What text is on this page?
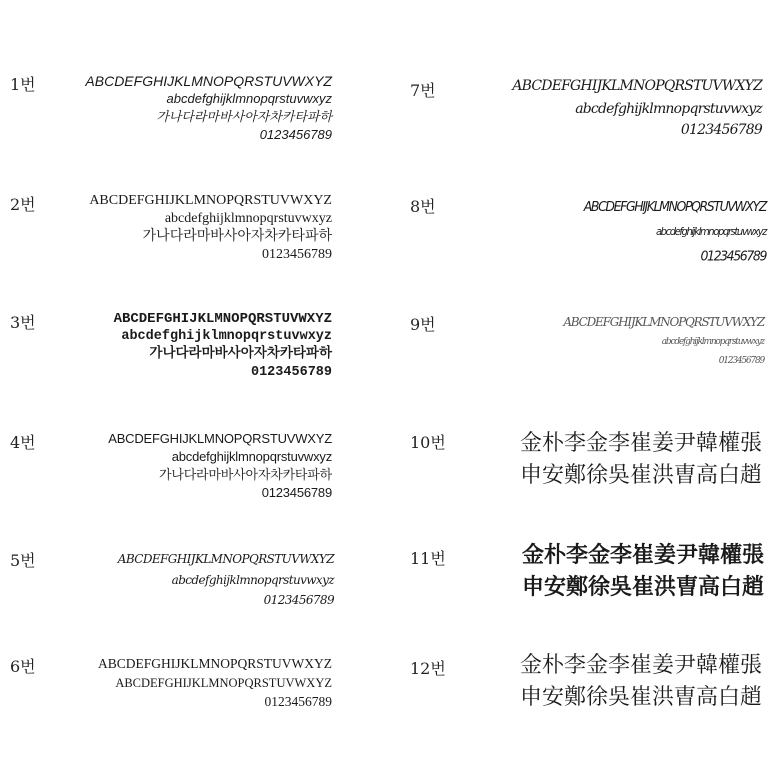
1번	ABCDEFGHIJKLMNOPQRSTUVWXYZ
abcdefghijklmnopqrstuvwxyz
가나다라마바사아자차카타파하
0123456789
2번	ABCDEFGHIJKLMNOPQRSTUVWXYZ
abcdefghijklmnopqrstuvwxyz
가나다라마바사아자차카타파하
0123456789
3번	ABCDEFGHIJKLMNOPQRSTUVWXYZ
abcdefghijklmnopqrstuvwxyz
가나다라마바사아자차카타파하
0123456789
4번	ABCDEFGHIJKLMNOPQRSTUVWXYZ
abcdefghijklmnopqrstuvwxyz
가나다라마바사아자차카타파하
0123456789
5번	ABCDEFGHIJKLMNOPQRSTUVWXYZ
abcdefghijklmnopqrstuvwxyz
0123456789
6번	ABCDEFGHIJKLMNOPQRSTUVWXYZ
ABCDEFGHIJKLMNOPQRSTUVWXYZ
0123456789
7번	ABCDEFGHIJKLMNOPQRSTUVWXYZ
abcdefghijklmnopqrstuvwxyz
0123456789
8번	ABCDEFGHIJKLMNOPQRSTUVWXYZ
abcdefghijklmnopqrstuvwxyz
0123456789
9번	ABCDEFGHIJKLMNOPQRSTUVWXYZ
abcdefghijklmnopqrstuvwxyz
0123456789
10번	金朴李金李崔姜尹韓權張
申安鄭徐吳崔洪曺高白趙
11번	金朴李金李崔姜尹韓權張
申安鄭徐吳崔洪曺高白趙
12번	金朴李金李崔姜尹韓權張
申安鄭徐吳崔洪曺高白趙
